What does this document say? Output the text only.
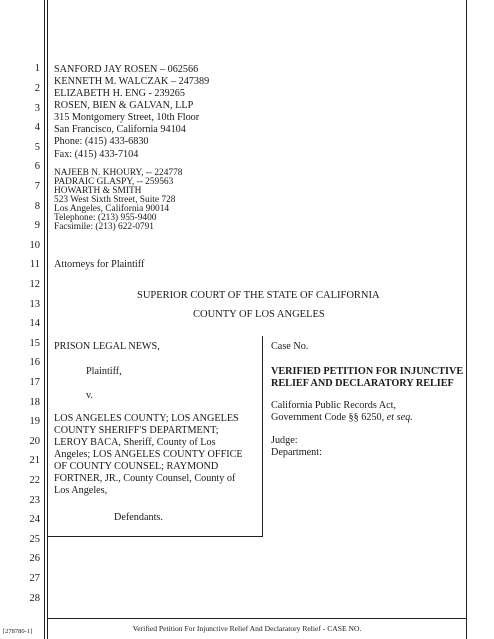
1
2
3
4
5
6
7
8
9
10
11
12
13
14
15
16
17
18
19
20
21
22
23
24
25
26
27
28
SANFORD JAY ROSEN – 062566
KENNETH M. WALCZAK – 247389
ELIZABETH H. ENG - 239265
ROSEN, BIEN & GALVAN, LLP
315 Montgomery Street, 10th Floor
San Francisco, California 94104
Phone: (415) 433-6830
Fax: (415) 433-7104
NAJEEB N. KHOURY, -- 224778
PADRAIC GLASPY, -- 259563
HOWARTH & SMITH
523 West Sixth Street, Suite 728
Los Angeles, California 90014
Telephone: (213) 955-9400
Facsimile: (213) 622-0791
Attorneys for Plaintiff
SUPERIOR COURT OF THE STATE OF CALIFORNIA
COUNTY OF LOS ANGELES
PRISON LEGAL NEWS,
Plaintiff,
v.
LOS ANGELES COUNTY; LOS ANGELES
COUNTY SHERIFF'S DEPARTMENT;
LEROY BACA, Sheriff, County of Los
Angeles; LOS ANGELES COUNTY OFFICE
OF COUNTY COUNSEL; RAYMOND
FORTNER, JR., County Counsel, County of
Los Angeles,
Defendants.
Case No.
VERIFIED PETITION FOR INJUNCTIVE
RELIEF AND DECLARATORY RELIEF
California Public Records Act,
Government Code §§ 6250, et seq.
Judge:
Department:
Verified Petition For Injunctive Relief And Declaratory Relief - CASE NO.
[278780-1]
